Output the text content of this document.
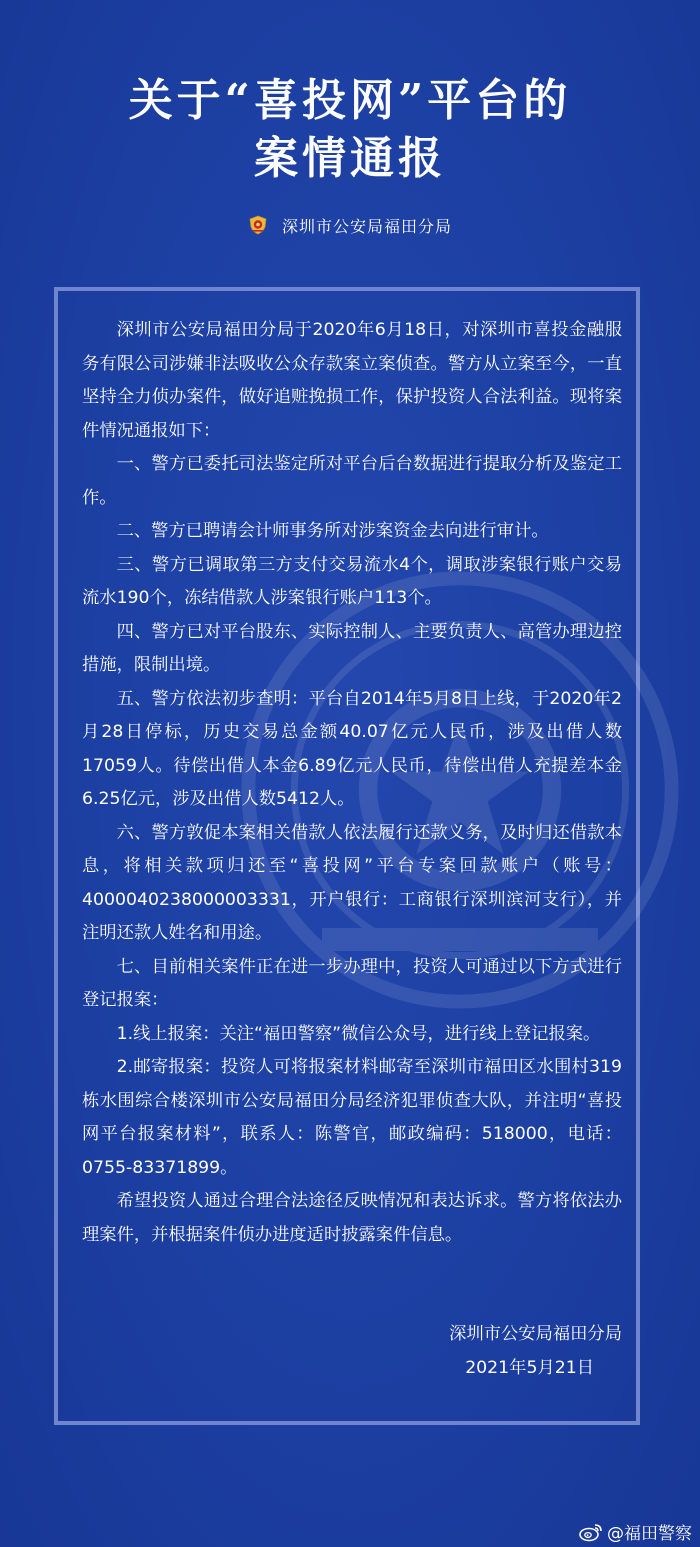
关于“喜投网”平台的
案情通报
深圳市公安局福田分局

深圳市公安局福田分局于2020年6月18日，对深圳市喜投金融服务有限公司涉嫌非法吸收公众存款案立案侦查。警方从立案至今，一直坚持全力侦办案件，做好追赃挽损工作，保护投资人合法利益。现将案件情况通报如下：

一、警方已委托司法鉴定所对平台后台数据进行提取分析及鉴定工作。

二、警方已聘请会计师事务所对涉案资金去向进行审计。

三、警方已调取第三方支付交易流水4个，调取涉案银行账户交易流水190个，冻结借款人涉案银行账户113个。

四、警方已对平台股东、实际控制人、主要负责人、高管办理边控措施，限制出境。

五、警方依法初步查明：平台自2014年5月8日上线，于2020年2月28日停标，历史交易总金额40.07亿元人民币，涉及出借人数17059人。待偿出借人本金6.89亿元人民币，待偿出借人充提差本金6.25亿元，涉及出借人数5412人。

六、警方敦促本案相关借款人依法履行还款义务，及时归还借款本息，将相关款项归还至“喜投网”平台专案回款账户（账号：4000040238000003331，开户银行：工商银行深圳滨河支行），并注明还款人姓名和用途。

七、目前相关案件正在进一步办理中，投资人可通过以下方式进行登记报案：

1.线上报案：关注“福田警察”微信公众号，进行线上登记报案。

2.邮寄报案：投资人可将报案材料邮寄至深圳市福田区水围村319栋水围综合楼深圳市公安局福田分局经济犯罪侦查大队，并注明“喜投网平台报案材料”，联系人：陈警官，邮政编码：518000，电话：0755-83371899。

希望投资人通过合理合法途径反映情况和表达诉求。警方将依法办理案件，并根据案件侦办进度适时披露案件信息。

深圳市公安局福田分局
2021年5月21日
@福田警察
